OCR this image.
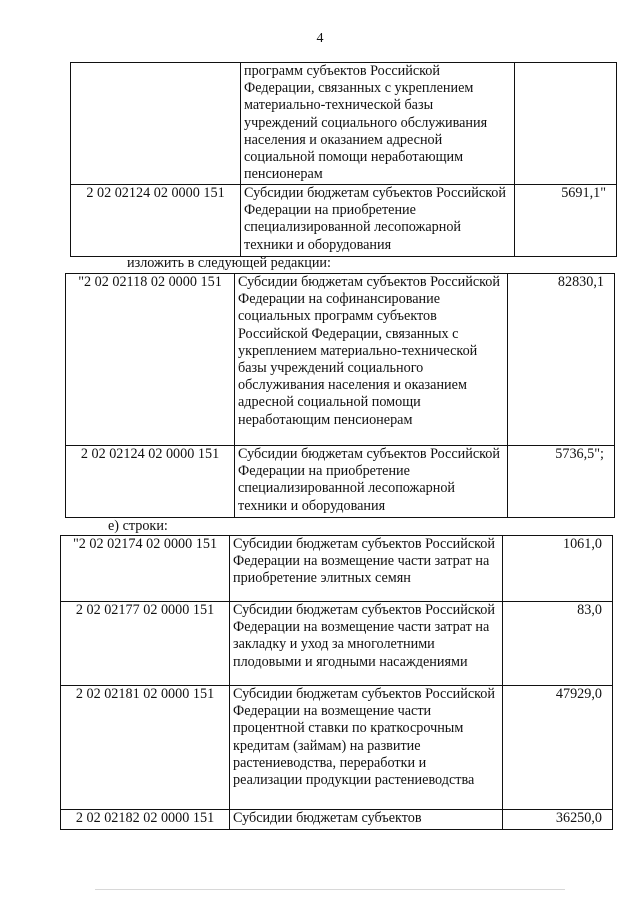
4
	программ субъектов Российской Федерации, связанных с укреплением материально-технической базы учреждений социального обслуживания населения и оказанием адресной социальной помощи неработающим пенсионерам	
2 02 02124 02 0000 151	Субсидии бюджетам субъектов Российской Федерации на приобретение специализированной лесопожарной техники и оборудования	5691,1"
изложить в следующей редакции:
"2 02 02118 02 0000 151	Субсидии бюджетам субъектов Российской Федерации на софинансирование социальных программ субъектов Российской Федерации, связанных с укреплением материально-технической базы учреждений социального обслуживания населения и оказанием адресной социальной помощи неработающим пенсионерам	82830,1
2 02 02124 02 0000 151	Субсидии бюджетам субъектов Российской Федерации на приобретение специализированной лесопожарной техники и оборудования	5736,5";
е) строки:
"2 02 02174 02 0000 151	Субсидии бюджетам субъектов Российской Федерации на возмещение части затрат на приобретение элитных семян	1061,0
2 02 02177 02 0000 151	Субсидии бюджетам субъектов Российской Федерации на возмещение части затрат на закладку и уход за многолетними плодовыми и ягодными насаждениями	83,0
2 02 02181 02 0000 151	Субсидии бюджетам субъектов Российской Федерации на возмещение части процентной ставки по краткосрочным кредитам (займам) на развитие растениеводства, переработки и реализации продукции растениеводства	47929,0
2 02 02182 02 0000 151	Субсидии бюджетам субъектов	36250,0
